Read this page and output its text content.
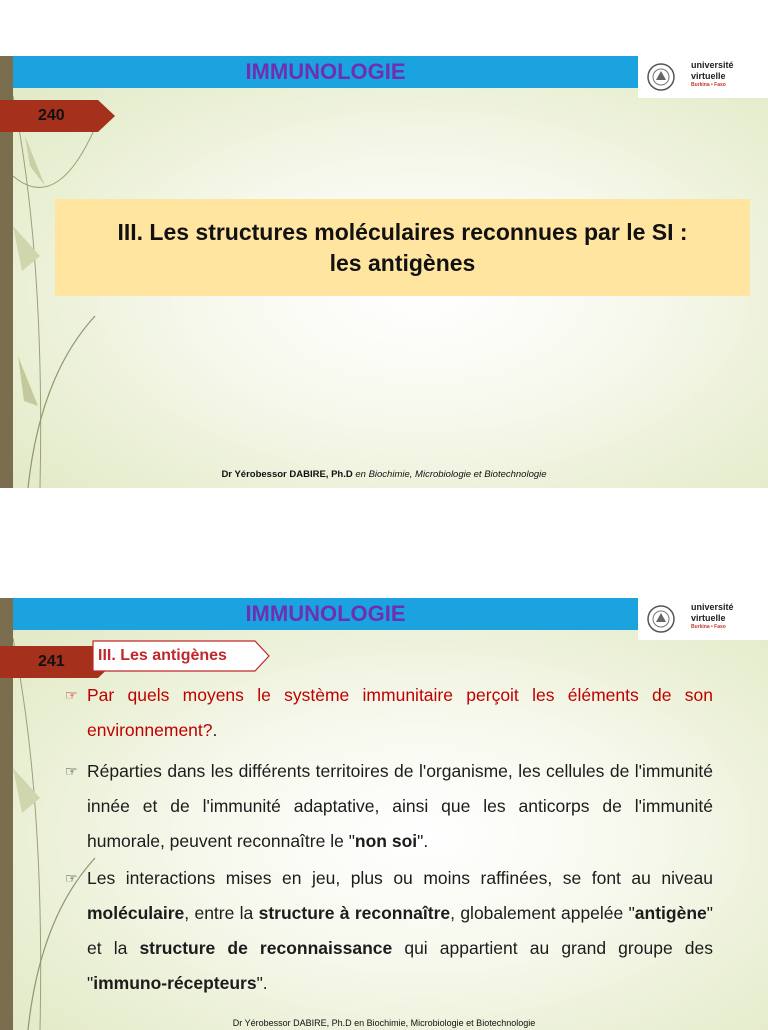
IMMUNOLOGIE	université
virtuelle
Burkina • Faso
240
III. Les structures moléculaires reconnues par le SI :
les antigènes
Dr Yérobessor DABIRE, Ph.D en Biochimie, Microbiologie et Biotechnologie
IMMUNOLOGIE	université
virtuelle
Burkina • Faso
241 III. Les antigènes
☞ Par quels moyens le système immunitaire perçoit les éléments de son environnement?.
☞ Réparties dans les différents territoires de l'organisme, les cellules de l'immunité innée et de l'immunité adaptative, ainsi que les anticorps de l'immunité humorale, peuvent reconnaître le "non soi".
☞ Les interactions mises en jeu, plus ou moins raffinées, se font au niveau moléculaire, entre la structure à reconnaître, globalement appelée "antigène" et la structure de reconnaissance qui appartient au grand groupe des "immuno-récepteurs".
Dr Yérobessor DABIRE, Ph.D en Biochimie, Microbiologie et Biotechnologie
